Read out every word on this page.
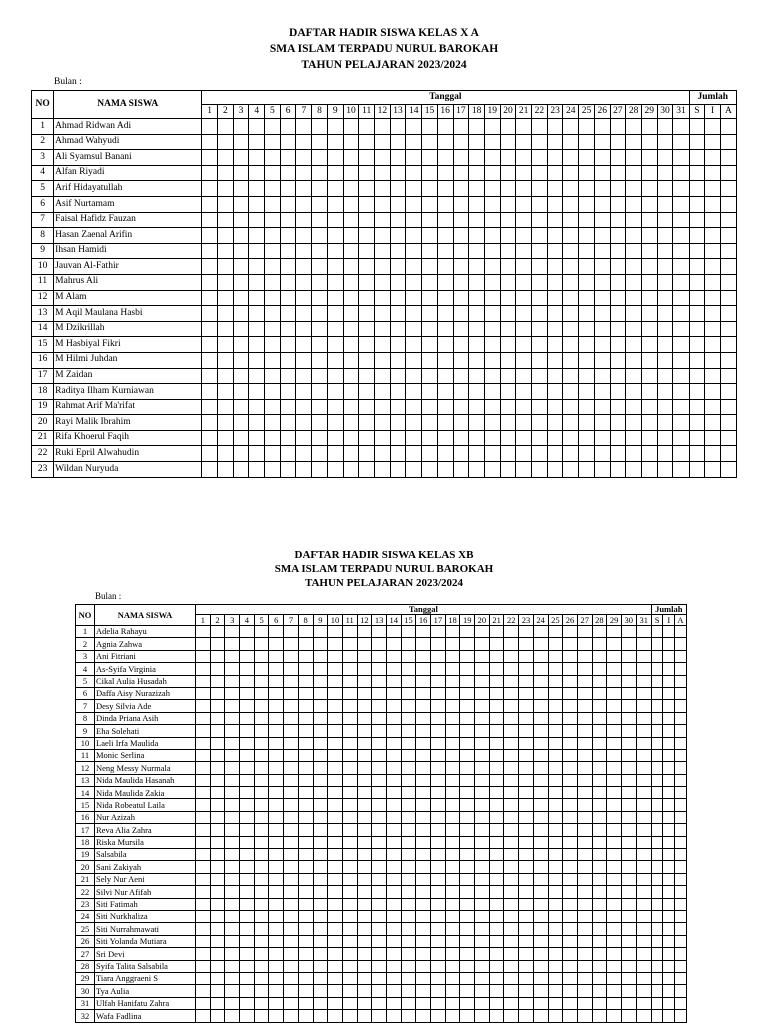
DAFTAR HADIR SISWA KELAS X A
SMA ISLAM TERPADU NURUL BAROKAH
TAHUN PELAJARAN 2023/2024
Bulan :
NO	NAMA SISWA	Tanggal																															Jumlah		
		1	2	3	4	5	6	7	8	9	10	11	12	13	14	15	16	17	18	19	20	21	22	23	24	25	26	27	28	29	30	31	S	I	A
1	Ahmad Ridwan Adi																																		
2	Ahmad Wahyudi																																		
3	Ali Syamsul Banani																																		
4	Alfan Riyadi																																		
5	Arif Hidayatullah																																		
6	Asif Nurtamam																																		
7	Faisal Hafidz Fauzan																																		
8	Hasan Zaenal Arifin																																		
9	Ihsan Hamidi																																		
10	Jauvan Al-Fathir																																		
11	Mahrus Ali																																		
12	M Alam																																		
13	M Aqil Maulana Hasbi																																		
14	M Dzikrillah																																		
15	M Hasbiyal Fikri																																		
16	M Hilmi Juhdan																																		
17	M Zaidan																																		
18	Raditya Ilham Kurniawan																																		
19	Rahmat Arif Ma'rifat																																		
20	Rayi Malik Ibrahim																																		
21	Rifa Khoerul Faqih																																		
22	Ruki Epril Alwahudin																																		
23	Wildan Nuryuda																																		
DAFTAR HADIR SISWA KELAS XB
SMA ISLAM TERPADU NURUL BAROKAH
TAHUN PELAJARAN 2023/2024
Bulan :
NO	NAMA SISWA	Tanggal																															Jumlah		
		1	2	3	4	5	6	7	8	9	10	11	12	13	14	15	16	17	18	19	20	21	22	23	24	25	26	27	28	29	30	31	S	I	A
1	Adelia Rahayu																																		
2	Agnia Zahwa																																		
3	Ani Fitriani																																		
4	As-Syifa Virginia																																		
5	Cikal Aulia Husadah																																		
6	Daffa Aisy Nurazizah																																		
7	Desy Silvia Ade																																		
8	Dinda Priana Asih																																		
9	Eha Solehati																																		
10	Laeli Irfa Maulida																																		
11	Monic Serlina																																		
12	Neng Messy Nurmala																																		
13	Nida Maulida Hasanah																																		
14	Nida Maulida Zakia																																		
15	Nida Robeatul Laila																																		
16	Nur Azizah																																		
17	Reva Alia Zahra																																		
18	Riska Mursila																																		
19	Salsabila																																		
20	Sani Zakiyah																																		
21	Sely Nur Aeni																																		
22	Silvi Nur Afifah																																		
23	Siti Fatimah																																		
24	Siti Nurkhaliza																																		
25	Siti Nurrahmawati																																		
26	Siti Yolanda Mutiara																																		
27	Sri Devi																																		
28	Syifa Talita Salsabila																																		
29	Tiara Anggraeni S																																		
30	Tya Aulia																																		
31	Ulfah Hanifatu Zahra																																		
32	Wafa Fadlina																																		
